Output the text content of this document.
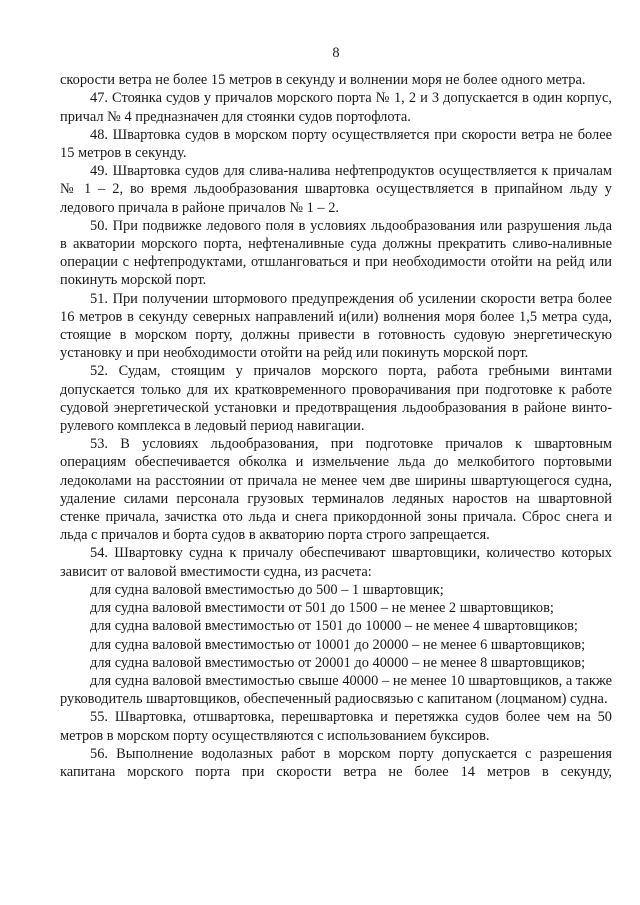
8

скорости ветра не более 15 метров в секунду и волнении моря не более одного метра.

47. Стоянка судов у причалов морского порта № 1, 2 и 3 допускается в один корпус, причал № 4 предназначен для стоянки судов портофлота.

48. Швартовка судов в морском порту осуществляется при скорости ветра не более 15 метров в секунду.

49. Швартовка судов для слива-налива нефтепродуктов осуществляется к причалам № 1 – 2, во время льдообразования швартовка осуществляется в припайном льду у ледового причала в районе причалов № 1 – 2.

50. При подвижке ледового поля в условиях льдообразования или разрушения льда в акватории морского порта, нефтеналивные суда должны прекратить сливо-наливные операции с нефтепродуктами, отшланговаться и при необходимости отойти на рейд или покинуть морской порт.

51. При получении штормового предупреждения об усилении скорости ветра более 16 метров в секунду северных направлений и(или) волнения моря более 1,5 метра суда, стоящие в морском порту, должны привести в готовность судовую энергетическую установку и при необходимости отойти на рейд или покинуть морской порт.

52. Судам, стоящим у причалов морского порта, работа гребными винтами допускается только для их кратковременного проворачивания при подготовке к работе судовой энергетической установки и предотвращения льдообразования в районе винто-рулевого комплекса в ледовый период навигации.

53. В условиях льдообразования, при подготовке причалов к швартовным операциям обеспечивается обколка и измельчение льда до мелкобитого портовыми ледоколами на расстоянии от причала не менее чем две ширины швартующегося судна, удаление силами персонала грузовых терминалов ледяных наростов на швартовной стенке причала, зачистка ото льда и снега прикордонной зоны причала. Сброс снега и льда с причалов и борта судов в акваторию порта строго запрещается.

54. Швартовку судна к причалу обеспечивают швартовщики, количество которых зависит от валовой вместимости судна, из расчета:

для судна валовой вместимостью до 500 – 1 швартовщик;

для судна валовой вместимости от 501 до 1500 – не менее 2 швартовщиков;

для судна валовой вместимостью от 1501 до 10000 – не менее 4 швартовщиков;

для судна валовой вместимостью от 10001 до 20000 – не менее 6 швартовщиков;

для судна валовой вместимостью от 20001 до 40000 – не менее 8 швартовщиков;

для судна валовой вместимостью свыше 40000 – не менее 10 швартовщиков, а также руководитель швартовщиков, обеспеченный радиосвязью с капитаном (лоцманом) судна.

55. Швартовка, отшвартовка, перешвартовка и перетяжка судов более чем на 50 метров в морском порту осуществляются с использованием буксиров.

56. Выполнение водолазных работ в морском порту допускается с разрешения капитана морского порта при скорости ветра не более 14 метров в секунду,
